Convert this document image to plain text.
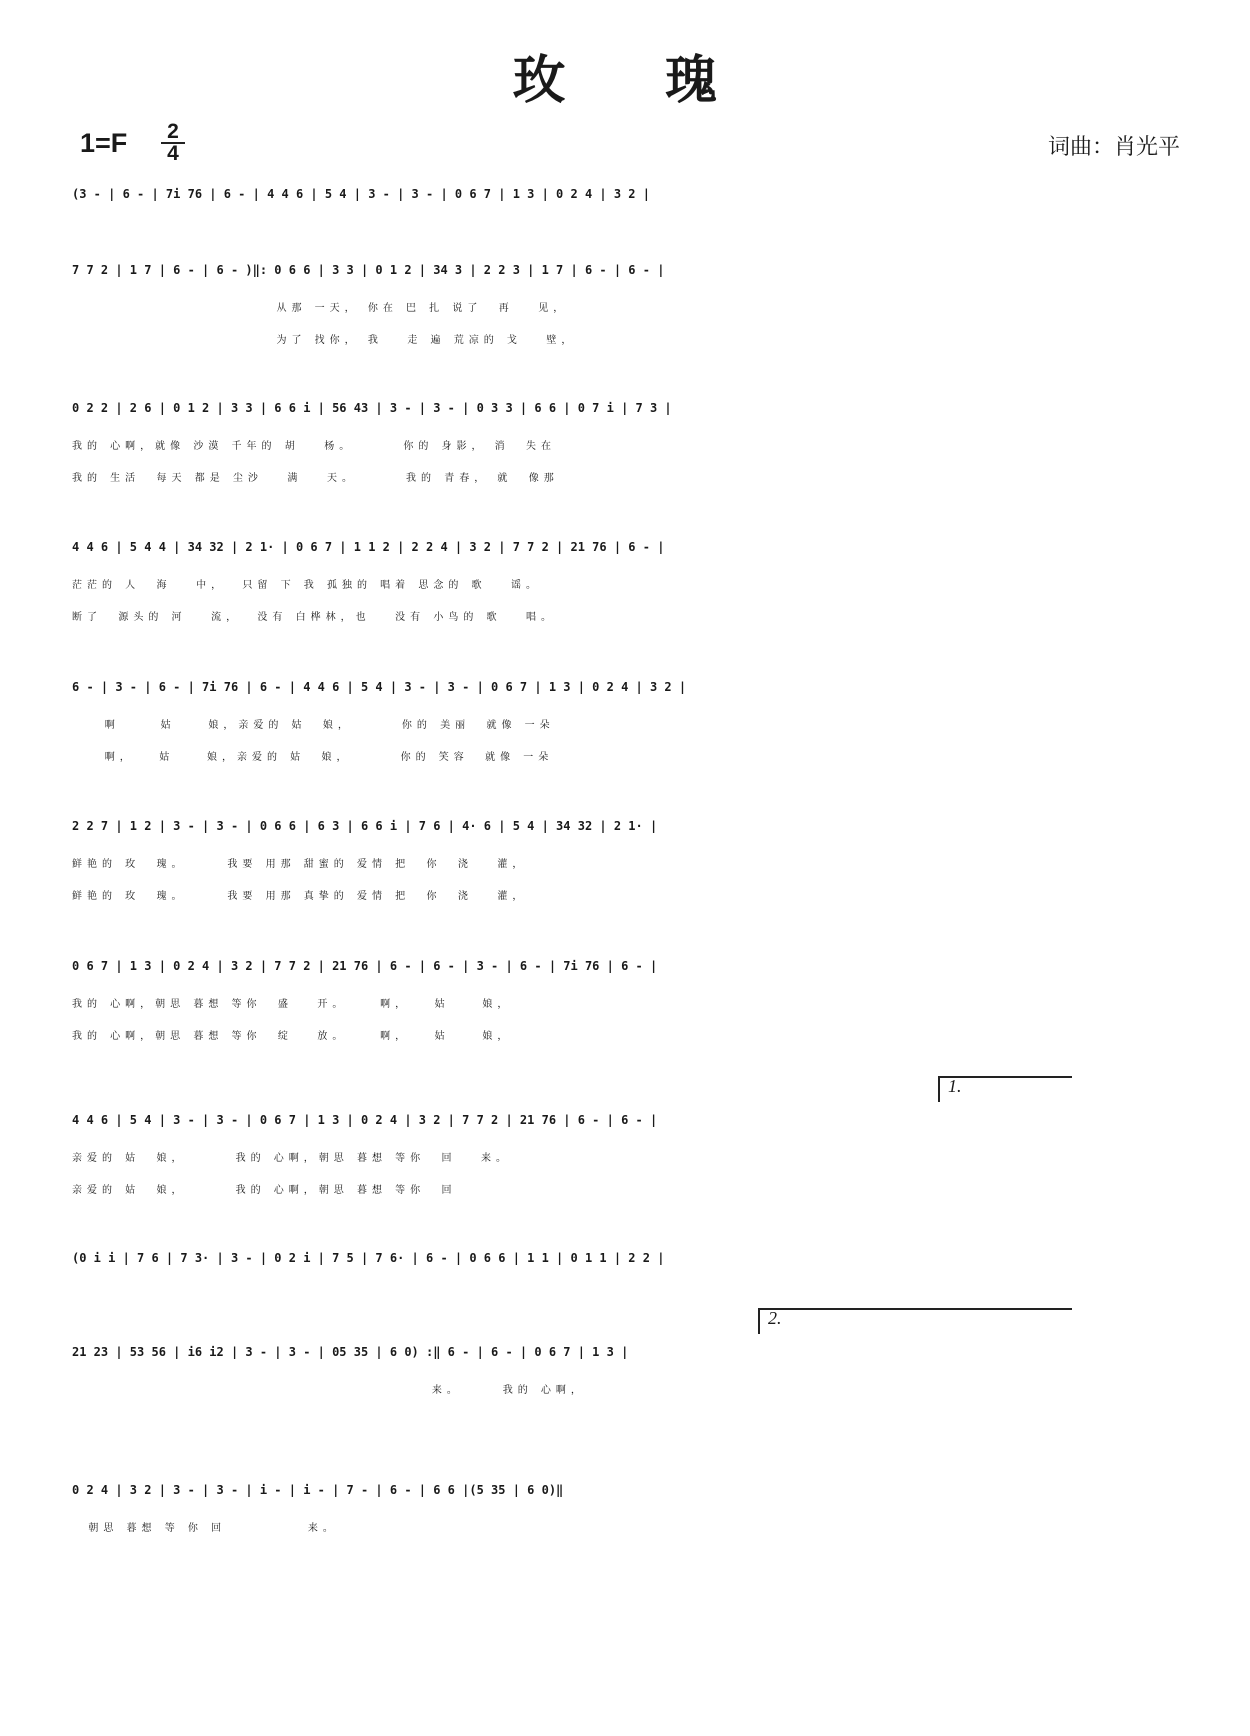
玫 瑰
1=F 2
4	词曲：肖光平
(3 - | 6 - | 7i 76 | 6 - | 4 4 6 | 5 4 | 3 - | 3 - | 0 6 7 | 1 3 | 0 2 4 | 3 2 |
7 7 2 | 1 7 | 6 - | 6 - )‖: 0 6 6 | 3 3 | 0 1 2 | 34 3 | 2 2 3 | 1 7 | 6 - | 6 - |
从那 一天， 你在 巴 扎 说了  再   见，
为了 找你， 我   走 遍 荒凉的 戈   壁，
0 2 2 | 2 6 | 0 1 2 | 3 3 | 6 6 i | 56 43 | 3 - | 3 - | 0 3 3 | 6 6 | 0 7 i | 7 3 |
我的 心啊，就像 沙漠 千年的 胡   杨。      你的 身影， 消  失在
我的 生活  每天 都是 尘沙   满   天。      我的 青春， 就  像那
4 4 6 | 5 4 4 | 34 32 | 2 1· | 0 6 7 | 1 1 2 | 2 2 4 | 3 2 | 7 7 2 | 21 76 | 6 - |
茫茫的 人  海   中，  只留 下 我 孤独的 唱着 思念的 歌   谣。
断了  源头的 河   流，  没有 白桦林，也   没有 小鸟的 歌   唱。
6 - | 3 - | 6 - | 7i 76 | 6 - | 4 4 6 | 5 4 | 3 - | 3 - | 0 6 7 | 1 3 | 0 2 4 | 3 2 |
啊     姑    娘，亲爱的 姑  娘，      你的 美丽  就像 一朵
啊，   姑    娘，亲爱的 姑  娘，      你的 笑容  就像 一朵
2 2 7 | 1 2 | 3 - | 3 - | 0 6 6 | 6 3 | 6 6 i | 7 6 | 4· 6 | 5 4 | 34 32 | 2 1· |
鲜艳的 玫  瑰。     我要 用那 甜蜜的 爱情 把  你  浇   灌，
鲜艳的 玫  瑰。     我要 用那 真挚的 爱情 把  你  浇   灌，
0 6 7 | 1 3 | 0 2 4 | 3 2 | 7 7 2 | 21 76 | 6 - | 6 - | 3 - | 6 - | 7i 76 | 6 - |
我的 心啊，朝思 暮想 等你  盛   开。    啊，   姑    娘，
我的 心啊，朝思 暮想 等你  绽   放。    啊，   姑    娘，
1.
4 4 6 | 5 4 | 3 - | 3 - | 0 6 7 | 1 3 | 0 2 4 | 3 2 | 7 7 2 | 21 76 | 6 - | 6 - |
亲爱的 姑  娘，      我的 心啊，朝思 暮想 等你  回   来。
亲爱的 姑  娘，      我的 心啊，朝思 暮想 等你  回
(0 i i | 7 6 | 7 3· | 3 - | 0 2 i | 7 5 | 7 6· | 6 - | 0 6 6 | 1 1 | 0 1 1 | 2 2 |
2.
21 23 | 53 56 | i6 i2 | 3 - | 3 - | 05 35 | 6 0) :‖ 6 - | 6 - | 0 6 7 | 1 3 |
来。     我的 心啊，
0 2 4 | 3 2 | 3 - | 3 - | i - | i - | 7 - | 6 - | 6 6 |(5 35 | 6 0)‖
朝思 暮想 等 你 回          来。
